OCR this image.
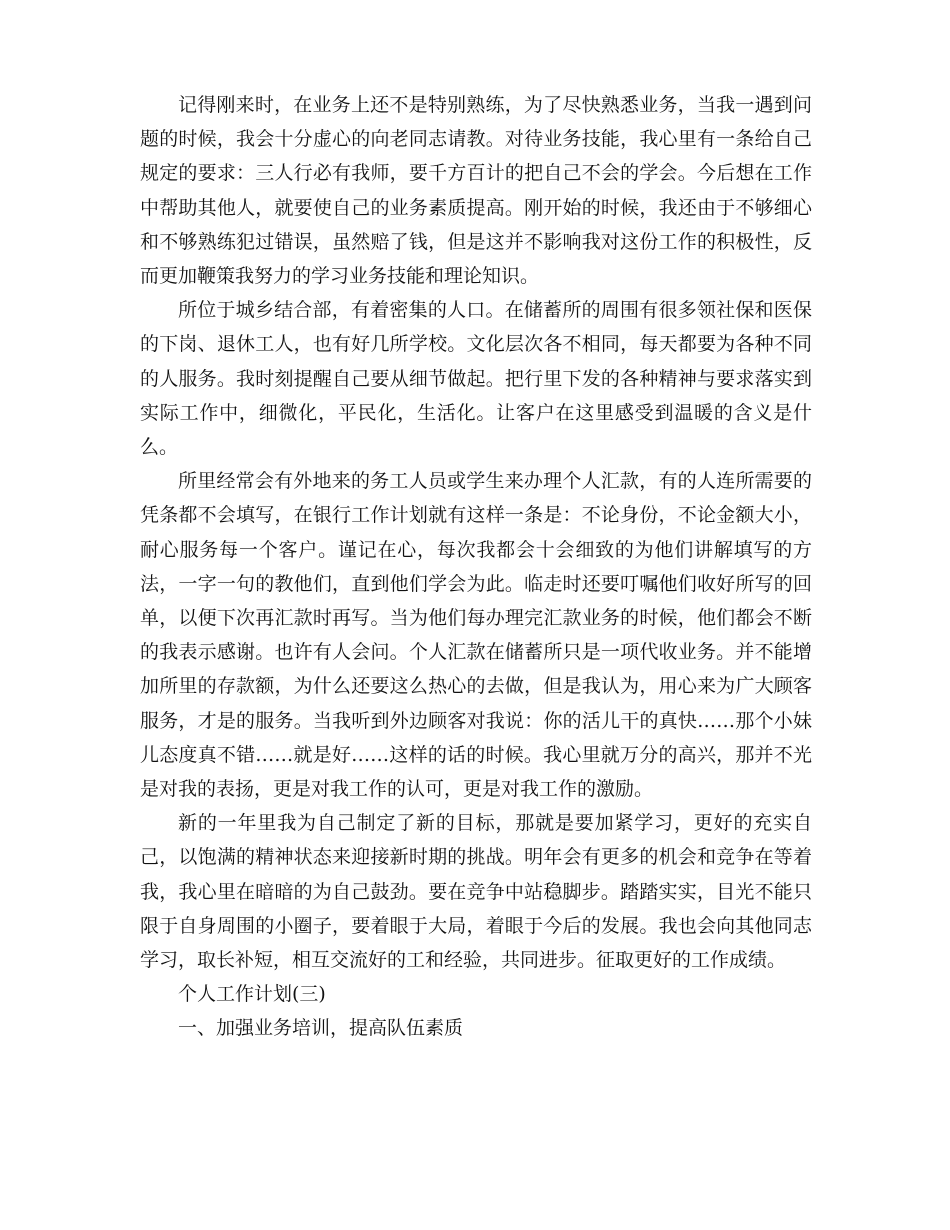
记得刚来时，在业务上还不是特别熟练，为了尽快熟悉业务，当我一遇到问题的时候，我会十分虚心的向老同志请教。对待业务技能，我心里有一条给自己规定的要求：三人行必有我师，要千方百计的把自己不会的学会。今后想在工作中帮助其他人，就要使自己的业务素质提高。刚开始的时候，我还由于不够细心和不够熟练犯过错误，虽然赔了钱，但是这并不影响我对这份工作的积极性，反而更加鞭策我努力的学习业务技能和理论知识。

所位于城乡结合部，有着密集的人口。在储蓄所的周围有很多领社保和医保的下岗、退休工人，也有好几所学校。文化层次各不相同，每天都要为各种不同的人服务。我时刻提醒自己要从细节做起。把行里下发的各种精神与要求落实到实际工作中，细微化，平民化，生活化。让客户在这里感受到温暖的含义是什么。

所里经常会有外地来的务工人员或学生来办理个人汇款，有的人连所需要的凭条都不会填写，在银行工作计划就有这样一条是：不论身份，不论金额大小，耐心服务每一个客户。谨记在心，每次我都会十会细致的为他们讲解填写的方法，一字一句的教他们，直到他们学会为此。临走时还要叮嘱他们收好所写的回单，以便下次再汇款时再写。当为他们每办理完汇款业务的时候，他们都会不断的我表示感谢。也许有人会问。个人汇款在储蓄所只是一项代收业务。并不能增加所里的存款额，为什么还要这么热心的去做，但是我认为，用心来为广大顾客服务，才是的服务。当我听到外边顾客对我说：你的活儿干的真快……那个小妹儿态度真不错……就是好……这样的话的时候。我心里就万分的高兴，那并不光是对我的表扬，更是对我工作的认可，更是对我工作的激励。

新的一年里我为自己制定了新的目标，那就是要加紧学习，更好的充实自己，以饱满的精神状态来迎接新时期的挑战。明年会有更多的机会和竞争在等着我，我心里在暗暗的为自己鼓劲。要在竞争中站稳脚步。踏踏实实，目光不能只限于自身周围的小圈子，要着眼于大局，着眼于今后的发展。我也会向其他同志学习，取长补短，相互交流好的工和经验，共同进步。征取更好的工作成绩。

个人工作计划(三)

一、加强业务培训，提高队伍素质
